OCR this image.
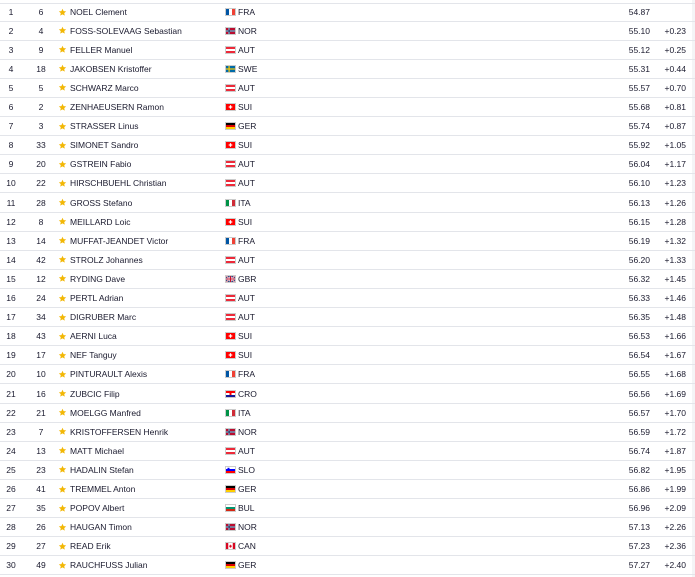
1	6	NOEL Clement	FRA	54.87
2	4	FOSS-SOLEVAAG Sebastian	NOR	55.10	+0.23
3	9	FELLER Manuel	AUT	55.12	+0.25
4	18	JAKOBSEN Kristoffer	SWE	55.31	+0.44
5	5	SCHWARZ Marco	AUT	55.57	+0.70
6	2	ZENHAEUSERN Ramon	SUI	55.68	+0.81
7	3	STRASSER Linus	GER	55.74	+0.87
8	33	SIMONET Sandro	SUI	55.92	+1.05
9	20	GSTREIN Fabio	AUT	56.04	+1.17
10	22	HIRSCHBUEHL Christian	AUT	56.10	+1.23
11	28	GROSS Stefano	ITA	56.13	+1.26
12	8	MEILLARD Loic	SUI	56.15	+1.28
13	14	MUFFAT-JEANDET Victor	FRA	56.19	+1.32
14	42	STROLZ Johannes	AUT	56.20	+1.33
15	12	RYDING Dave	GBR	56.32	+1.45
16	24	PERTL Adrian	AUT	56.33	+1.46
17	34	DIGRUBER Marc	AUT	56.35	+1.48
18	43	AERNI Luca	SUI	56.53	+1.66
19	17	NEF Tanguy	SUI	56.54	+1.67
20	10	PINTURAULT Alexis	FRA	56.55	+1.68
21	16	ZUBCIC Filip	CRO	56.56	+1.69
22	21	MOELGG Manfred	ITA	56.57	+1.70
23	7	KRISTOFFERSEN Henrik	NOR	56.59	+1.72
24	13	MATT Michael	AUT	56.74	+1.87
25	23	HADALIN Stefan	SLO	56.82	+1.95
26	41	TREMMEL Anton	GER	56.86	+1.99
27	35	POPOV Albert	BUL	56.96	+2.09
28	26	HAUGAN Timon	NOR	57.13	+2.26
29	27	READ Erik	CAN	57.23	+2.36
30	49	RAUCHFUSS Julian	GER	57.27	+2.40
